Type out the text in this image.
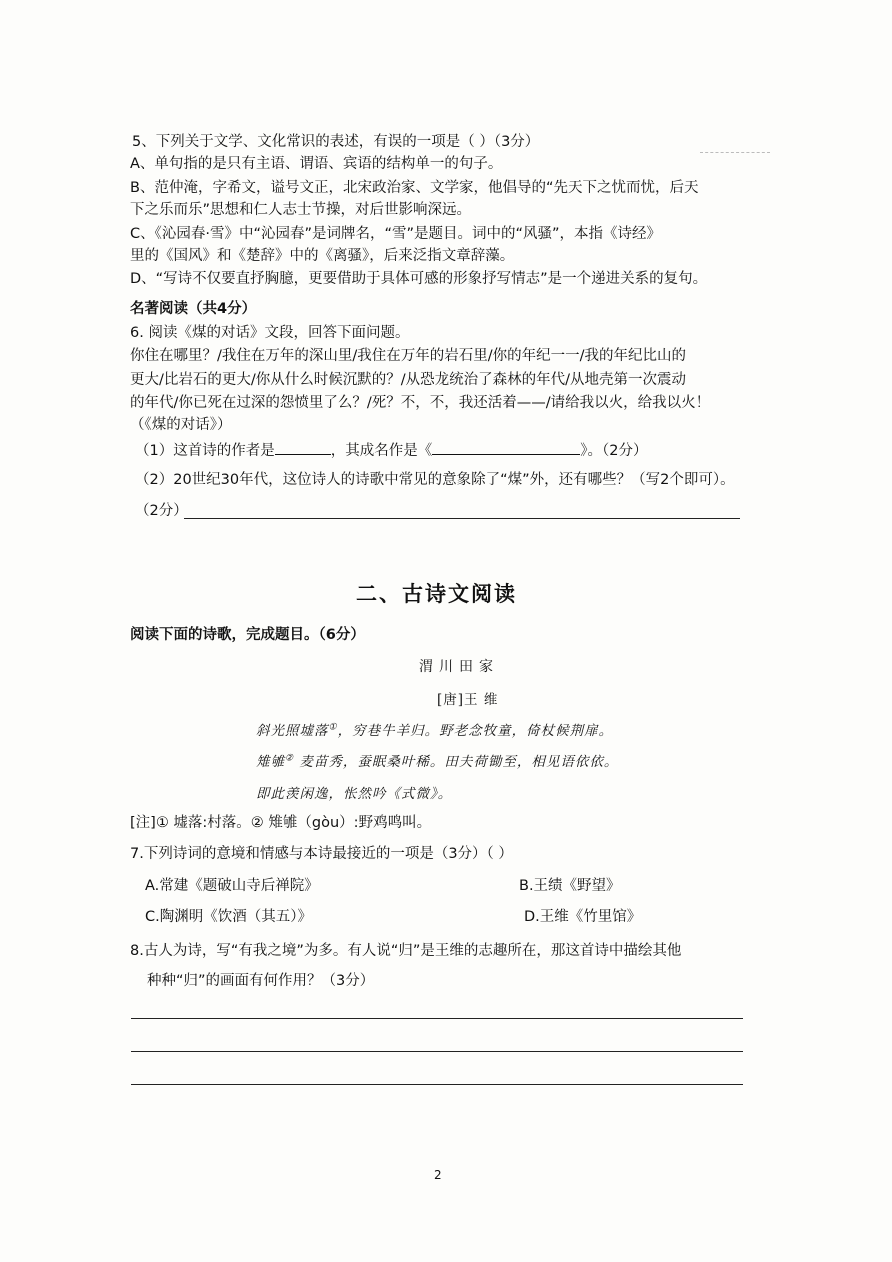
5、下列关于文学、文化常识的表述，有误的一项是（ ）（3分）
A、单句指的是只有主语、谓语、宾语的结构单一的句子。
B、范仲淹，字希文，谥号文正，北宋政治家、文学家，他倡导的“先天下之忧而忧，后天
下之乐而乐”思想和仁人志士节操，对后世影响深远。
C、《沁园春·雪》中“沁园春”是词牌名，“雪”是题目。词中的“风骚”，本指《诗经》
里的《国风》和《楚辞》中的《离骚》，后来泛指文章辞藻。
D、“写诗不仅要直抒胸臆，更要借助于具体可感的形象抒写情志”是一个递进关系的复句。
名著阅读（共4分）
6. 阅读《煤的对话》文段，回答下面问题。
你住在哪里？/我住在万年的深山里/我住在万年的岩石里/你的年纪一一/我的年纪比山的
更大/比岩石的更大/你从什么时候沉默的？/从恐龙统治了森林的年代/从地壳第一次震动
的年代/你已死在过深的怨愤里了么？/死？不，不，我还活着——/请给我以火，给我以火！
（《煤的对话》）
（1）这首诗的作者是	，其成名作是《	》。（2分）
（2）20世纪30年代，这位诗人的诗歌中常见的意象除了“煤”外，还有哪些？（写2个即可）。
（2分）
二、古诗文阅读
阅读下面的诗歌，完成题目。（6分）
渭川田家
[唐]王 维
斜光照墟落①，穷巷牛羊归。野老念牧童，倚杖候荆扉。
雉雊② 麦苗秀，蚕眠桑叶稀。田夫荷锄至，相见语依依。
即此羡闲逸，怅然吟《式微》。
[注]① 墟落:村落。② 雉雊（gòu）:野鸡鸣叫。
7.下列诗词的意境和情感与本诗最接近的一项是（3分）（ ）
A.常建《题破山寺后禅院》	B.王绩《野望》
C.陶渊明《饮酒（其五）》	D.王维《竹里馆》
8.古人为诗，写“有我之境”为多。有人说“归”是王维的志趣所在，那这首诗中描绘其他
种种“归”的画面有何作用？（3分）
2
